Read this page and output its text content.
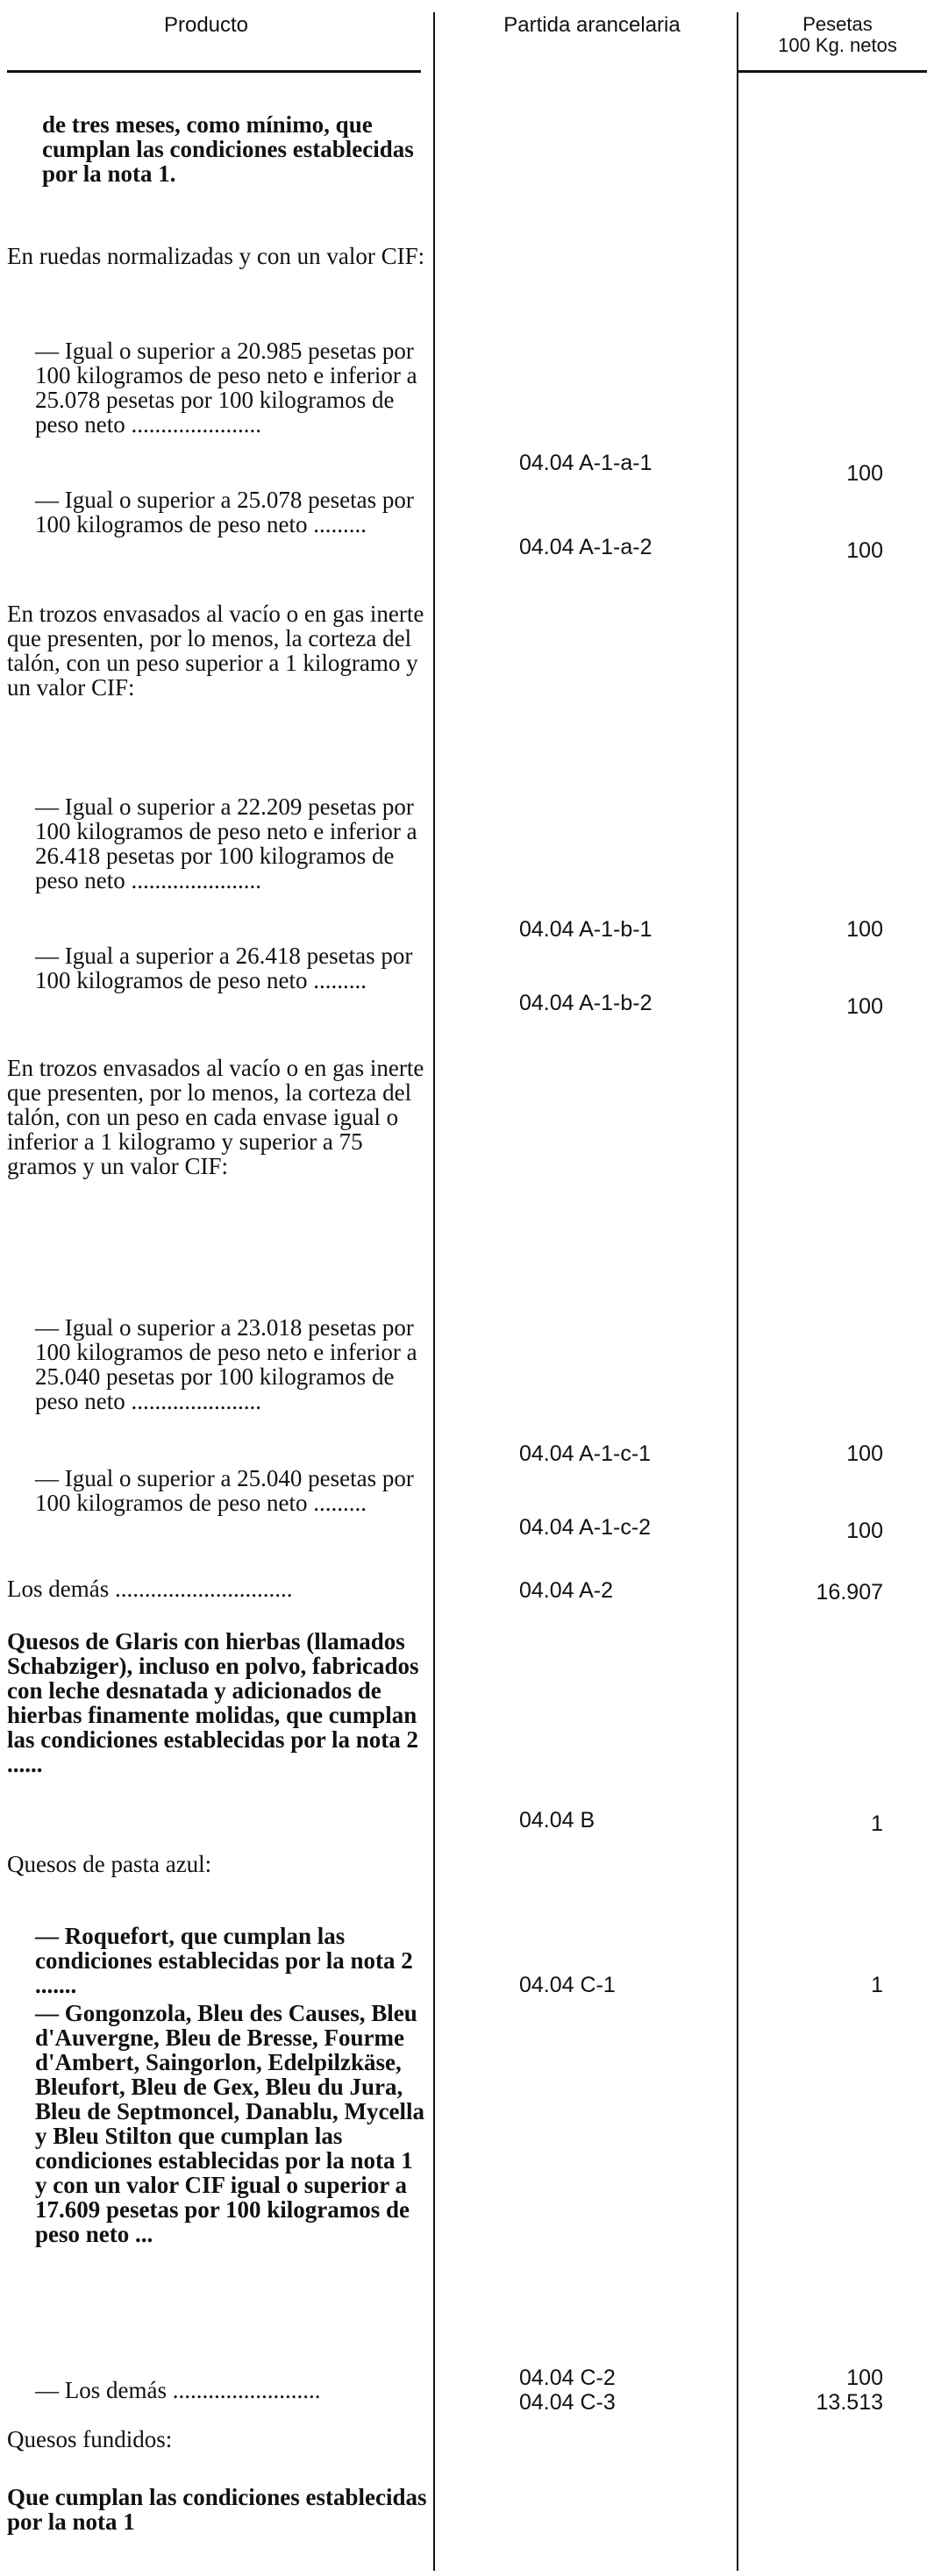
Producto	Partida arancelaria	Pesetas
100 Kg. netos
de tres meses, como mínimo, que cumplan las condiciones establecidas por la nota 1.
En ruedas normalizadas y con un valor CIF:
— Igual o superior a 20.985 pesetas por 100 kilogramos de peso neto e inferior a 25.078 pesetas por 100 kilogramos de peso neto ......................
— Igual o superior a 25.078 pesetas por 100 kilogramos de peso neto .........
En trozos envasados al vacío o en gas inerte que presenten, por lo menos, la corteza del talón, con un peso superior a 1 kilogramo y un valor CIF:
— Igual o superior a 22.209 pesetas por 100 kilogramos de peso neto e inferior a 26.418 pesetas por 100 kilogramos de peso neto ......................
— Igual a superior a 26.418 pesetas por 100 kilogramos de peso neto .........
En trozos envasados al vacío o en gas inerte que presenten, por lo menos, la corteza del talón, con un peso en cada envase igual o inferior a 1 kilogramo y superior a 75 gramos y un valor CIF:
— Igual o superior a 23.018 pesetas por 100 kilogramos de peso neto e inferior a 25.040 pesetas por 100 kilogramos de peso neto ......................
— Igual o superior a 25.040 pesetas por 100 kilogramos de peso neto .........
Los demás ..............................
Quesos de Glaris con hierbas (llamados Schabziger), incluso en polvo, fabricados con leche desnatada y adicionados de hierbas finamente molidas, que cumplan las condiciones establecidas por la nota 2 ......
Quesos de pasta azul:
— Roquefort, que cumplan las condiciones establecidas por la nota 2 .......
— Gongonzola, Bleu des Causes, Bleu d'Auvergne, Bleu de Bresse, Fourme d'Ambert, Saingorlon, Edelpilzkäse, Bleufort, Bleu de Gex, Bleu du Jura, Bleu de Septmoncel, Danablu, Mycella y Bleu Stilton que cumplan las condiciones establecidas por la nota 1 y con un valor CIF igual o superior a 17.609 pesetas por 100 kilogramos de peso neto ...
— Los demás .........................
Quesos fundidos:
Que cumplan las condiciones establecidas por la nota 1
04.04 A-1-a-1
04.04 A-1-a-2
04.04 A-1-b-1
04.04 A-1-b-2
04.04 A-1-c-1
04.04 A-1-c-2
04.04 A-2
04.04 B
04.04 C-1
04.04 C-2
04.04 C-3
100
100
100
100
100
100
16.907
1
1
100
13.513
